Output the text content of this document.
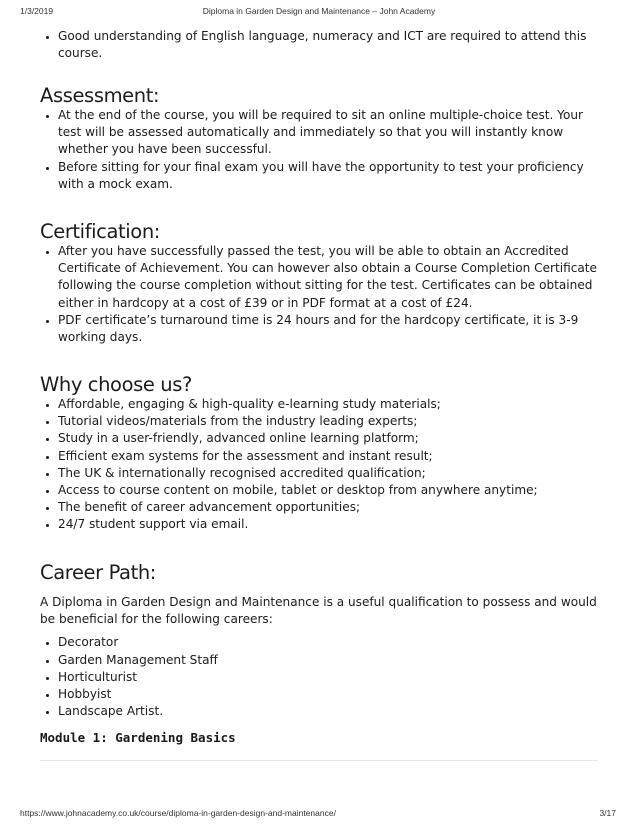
1/3/2019	Diploma in Garden Design and Maintenance – John Academy
• Good understanding of English language, numeracy and ICT are required to attend this course.
Assessment:
• At the end of the course, you will be required to sit an online multiple-choice test. Your test will be assessed automatically and immediately so that you will instantly know whether you have been successful.
• Before sitting for your final exam you will have the opportunity to test your proficiency with a mock exam.
Certification:
• After you have successfully passed the test, you will be able to obtain an Accredited Certificate of Achievement. You can however also obtain a Course Completion Certificate following the course completion without sitting for the test. Certificates can be obtained either in hardcopy at a cost of £39 or in PDF format at a cost of £24.
• PDF certificate’s turnaround time is 24 hours and for the hardcopy certificate, it is 3-9 working days.
Why choose us?
• Affordable, engaging & high-quality e-learning study materials;
• Tutorial videos/materials from the industry leading experts;
• Study in a user-friendly, advanced online learning platform;
• Efficient exam systems for the assessment and instant result;
• The UK & internationally recognised accredited qualification;
• Access to course content on mobile, tablet or desktop from anywhere anytime;
• The benefit of career advancement opportunities;
• 24/7 student support via email.
Career Path:

A Diploma in Garden Design and Maintenance is a useful qualification to possess and would be beneficial for the following careers:

• Decorator
• Garden Management Staff
• Horticulturist
• Hobbyist
• Landscape Artist.
Module 1: Gardening Basics
https://www.johnacademy.co.uk/course/diploma-in-garden-design-and-maintenance/	3/17
